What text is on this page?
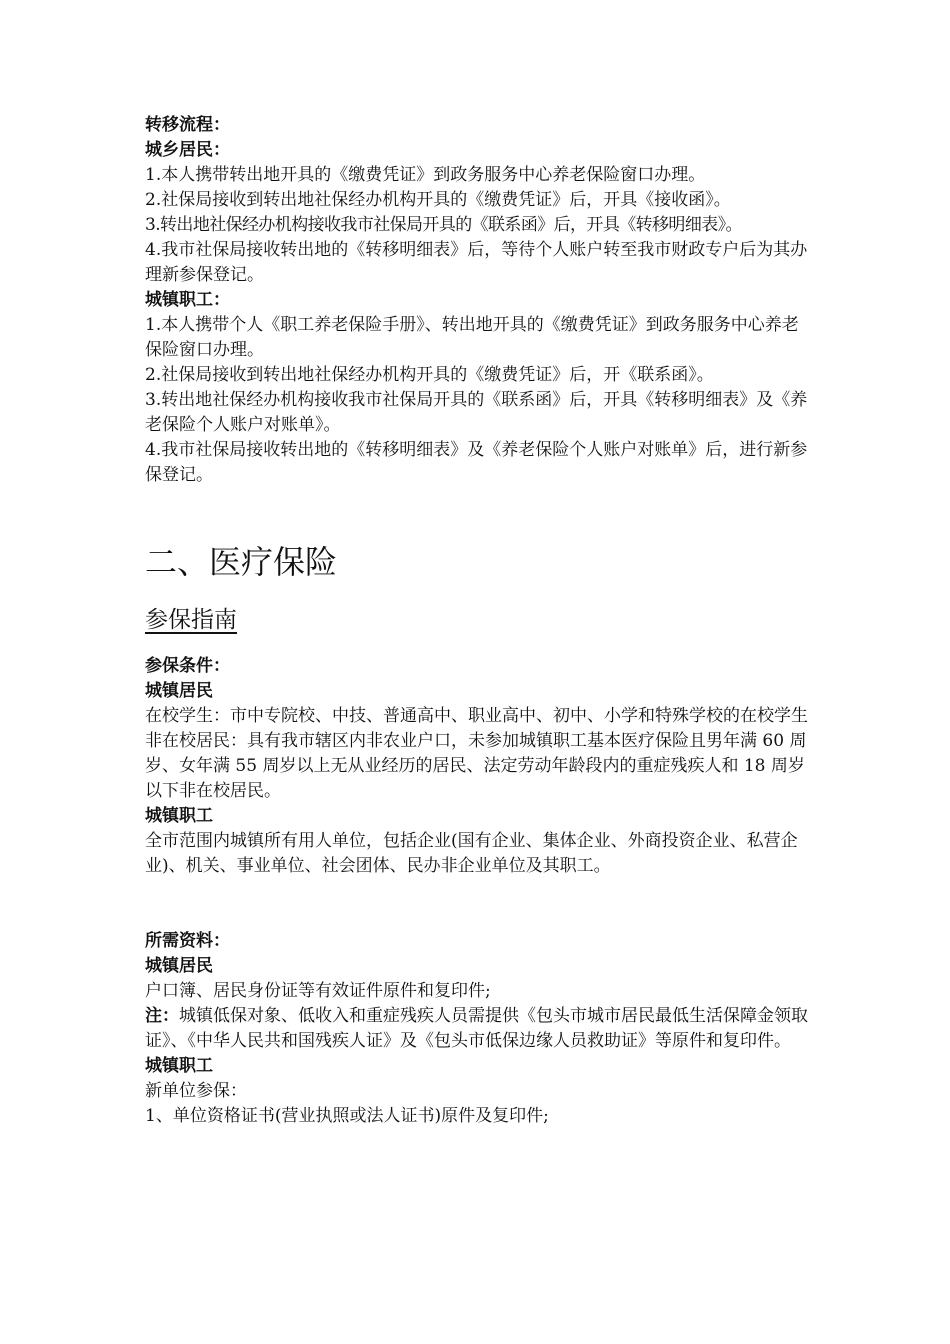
转移流程：

城乡居民：

1.本人携带转出地开具的《缴费凭证》到政务服务中心养老保险窗口办理。

2.社保局接收到转出地社保经办机构开具的《缴费凭证》后，开具《接收函》。

3.转出地社保经办机构接收我市社保局开具的《联系函》后，开具《转移明细表》。

4.我市社保局接收转出地的《转移明细表》后，等待个人账户转至我市财政专户后为其办理新参保登记。

城镇职工：

1.本人携带个人《职工养老保险手册》、转出地开具的《缴费凭证》到政务服务中心养老保险窗口办理。

2.社保局接收到转出地社保经办机构开具的《缴费凭证》后，开《联系函》。

3.转出地社保经办机构接收我市社保局开具的《联系函》后，开具《转移明细表》及《养老保险个人账户对账单》。

4.我市社保局接收转出地的《转移明细表》及《养老保险个人账户对账单》后，进行新参保登记。

二、医疗保险
参保指南

参保条件：

城镇居民

在校学生：市中专院校、中技、普通高中、职业高中、初中、小学和特殊学校的在校学生

非在校居民：具有我市辖区内非农业户口，未参加城镇职工基本医疗保险且男年满 60 周岁、女年满 55 周岁以上无从业经历的居民、法定劳动年龄段内的重症残疾人和 18 周岁以下非在校居民。

城镇职工

全市范围内城镇所有用人单位，包括企业(国有企业、集体企业、外商投资企业、私营企业)、机关、事业单位、社会团体、民办非企业单位及其职工。

所需资料：

城镇居民

户口簿、居民身份证等有效证件原件和复印件;

注：城镇低保对象、低收入和重症残疾人员需提供《包头市城市居民最低生活保障金领取证》、《中华人民共和国残疾人证》及《包头市低保边缘人员救助证》等原件和复印件。

城镇职工

新单位参保：

1、单位资格证书(营业执照或法人证书)原件及复印件;
